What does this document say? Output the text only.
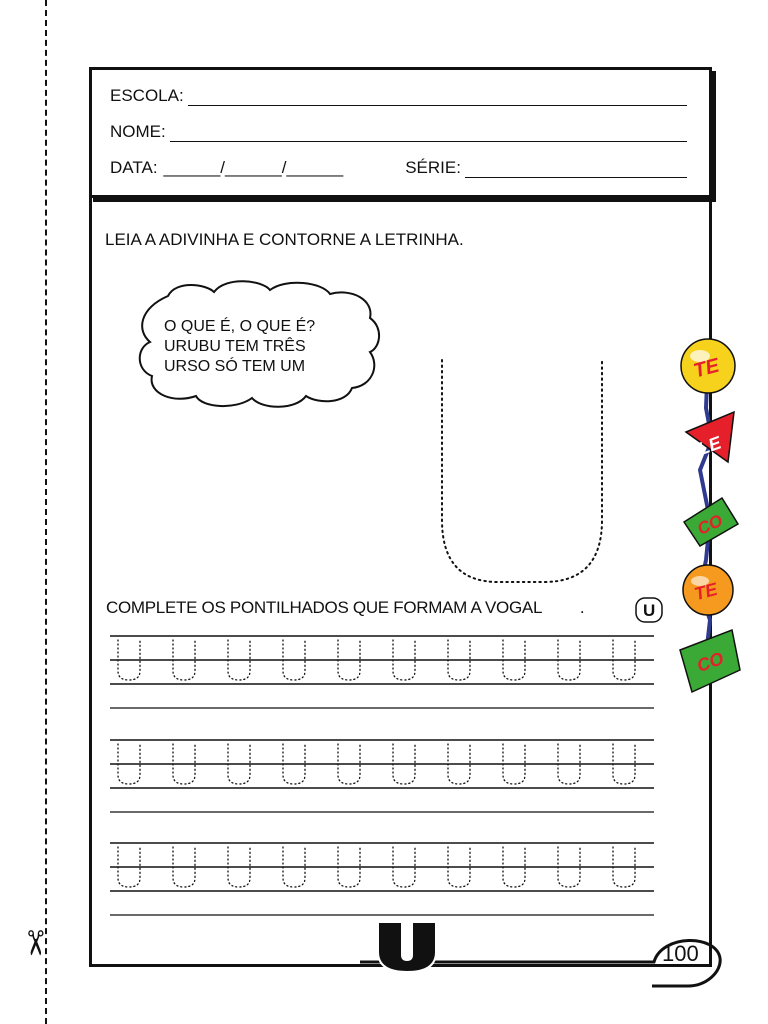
✂
ESCOLA:
NOME:
DATA: ______/______/______	SÉRIE:
LEIA A ADIVINHA E CONTORNE A LETRINHA.
TE
LE
CO
TE
CO
U
O QUE É, O QUE É?
URUBU TEM TRÊS
URSO SÓ TEM UM
COMPLETE OS PONTILHADOS QUE FORMAM A VOGAL .
100
